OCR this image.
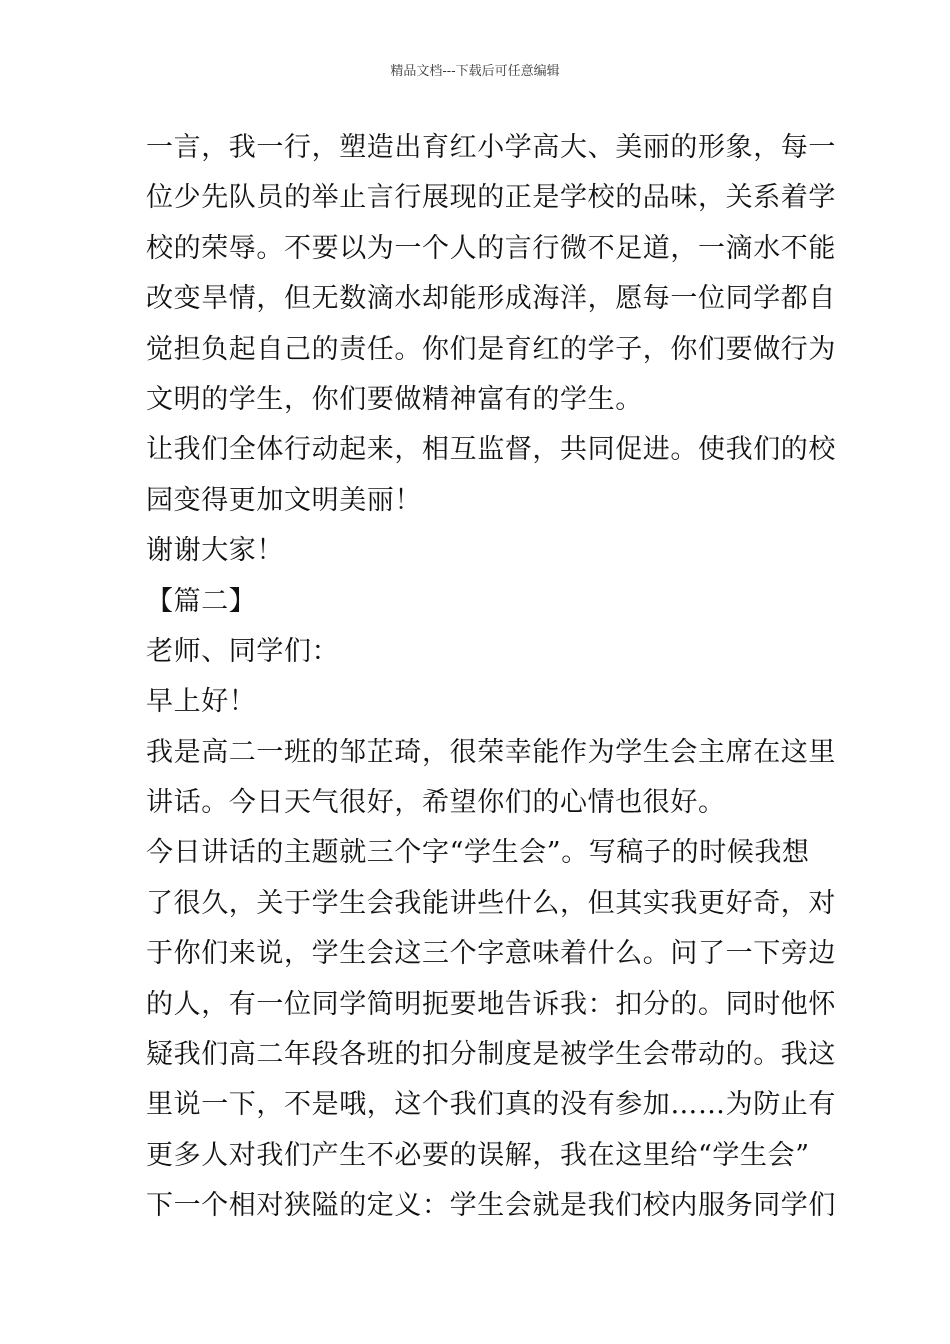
精品文档---下载后可任意编辑
一言，我一行，塑造出育红小学高大、美丽的形象，每一
位少先队员的举止言行展现的正是学校的品味，关系着学
校的荣辱。不要以为一个人的言行微不足道，一滴水不能
改变旱情，但无数滴水却能形成海洋，愿每一位同学都自
觉担负起自己的责任。你们是育红的学子，你们要做行为
文明的学生，你们要做精神富有的学生。
让我们全体行动起来，相互监督，共同促进。使我们的校
园变得更加文明美丽！
谢谢大家！
【篇二】
老师、同学们：
早上好！
我是高二一班的邹芷琦，很荣幸能作为学生会主席在这里
讲话。今日天气很好，希望你们的心情也很好。
今日讲话的主题就三个字“学生会”。写稿子的时候我想
了很久，关于学生会我能讲些什么，但其实我更好奇，对
于你们来说，学生会这三个字意味着什么。问了一下旁边
的人，有一位同学简明扼要地告诉我：扣分的。同时他怀
疑我们高二年段各班的扣分制度是被学生会带动的。我这
里说一下，不是哦，这个我们真的没有参加……为防止有
更多人对我们产生不必要的误解，我在这里给“学生会”
下一个相对狭隘的定义：学生会就是我们校内服务同学们
